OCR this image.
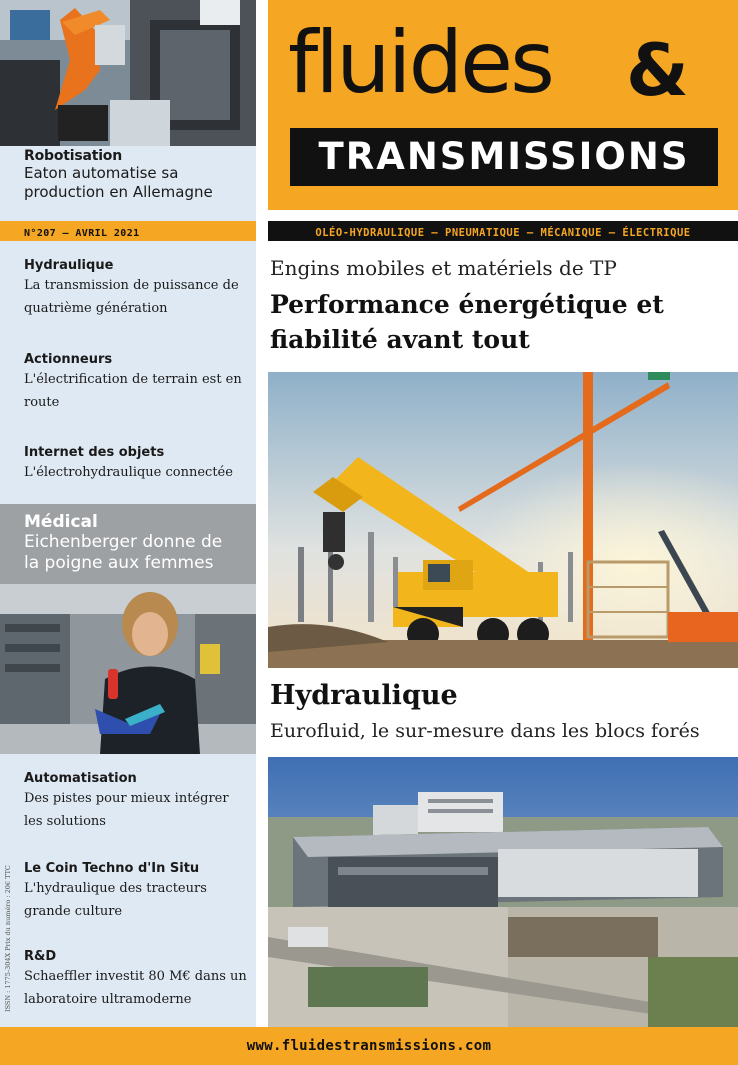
Robotisation
Eaton automatise sa production en Allemagne
N°207 – AVRIL 2021
Hydraulique
La transmission de puissance de quatrième génération
Actionneurs
L'électrification de terrain est en route
Internet des objets
L'électrohydraulique connectée
Médical
Eichenberger donne de la poigne aux femmes
Automatisation
Des pistes pour mieux intégrer les solutions
Le Coin Techno d'In Situ
L'hydraulique des tracteurs grande culture
R&D
Schaeffler investit 80 M€ dans un laboratoire ultramoderne
ISSN : 1775-304X Prix du numéro : 20€ TTC
fluides &
TRANSMISSIONS
OLÉO-HYDRAULIQUE – PNEUMATIQUE – MÉCANIQUE – ÉLECTRIQUE
Engins mobiles et matériels de TP
Performance énergétique et fiabilité avant tout
Hydraulique
Eurofluid, le sur-mesure dans les blocs forés
www.fluidestransmissions.com
